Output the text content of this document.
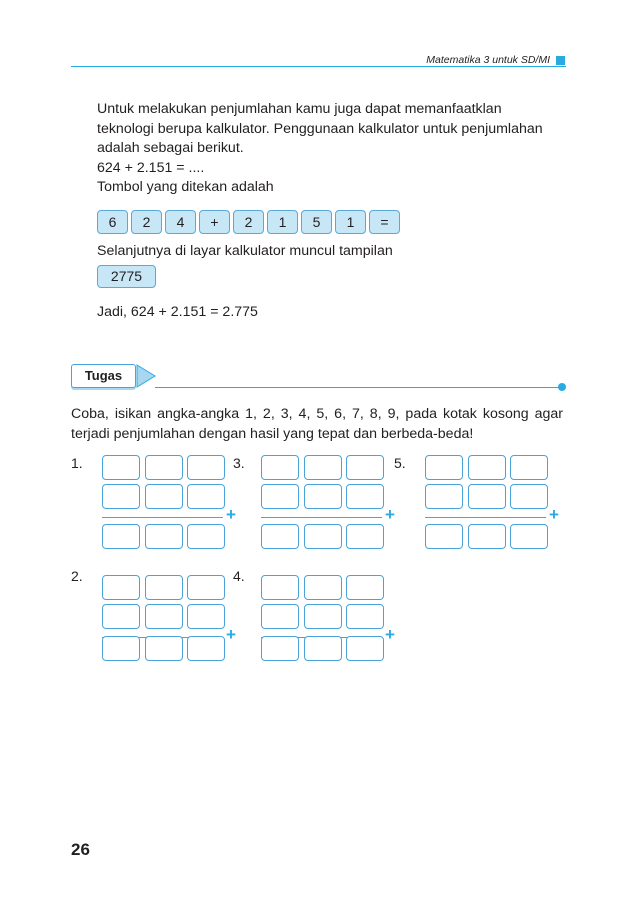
Matematika 3 untuk SD/MI
Untuk melakukan penjumlahan kamu juga dapat memanfaatklan
teknologi berupa kalkulator. Penggunaan kalkulator untuk penjumlahan
adalah sebagai berikut.
624 + 2.151 = ....
Tombol yang ditekan adalah
6	2	4	+	2	1	5	1	=
Selanjutnya di layar kalkulator muncul tampilan
2775
Jadi, 624 + 2.151 = 2.775
Tugas
Coba, isikan angka-angka 1, 2, 3, 4, 5, 6, 7, 8, 9, pada kotak kosong agar terjadi penjumlahan dengan hasil yang tepat dan berbeda-beda!
1.
2.
3.
4.
5.
+
+
+
+
+
26
